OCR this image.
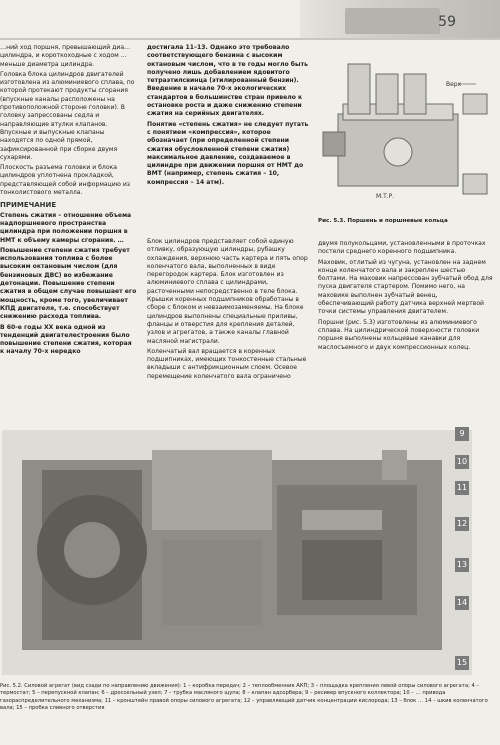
59

…ний ход поршня, превышающий диа… цилиндра, и короткоходные с ходом … меньше диаметра цилиндра.

Головка блока цилиндров двигателей изготовлена из алюминиевого сплава, по которой протекают продукты сгорания (впускные каналы расположены на противоположной стороне головки). В головку запрессованы седла и направляющие втулки клапанов. Впускные и выпускные клапаны находятся по одной прямой, зафиксированной при сборке двумя сухарями.

Плоскость разъема головки и блока цилиндров уплотнена прокладкой, представляющей собой информацию из тонколистового металла.

ПРИМЕЧАНИЕ

Степень сжатия – отношение объема надпоршневого пространства цилиндра при положении поршня в НМТ к объему камеры сгорания. …

Повышение степени сжатия требует использования топлива с более высоким октановым числом (для бензиновых ДВС) во избежание детонации. Повышение степени сжатия в общем случае повышает его мощность, кроме того, увеличивает КПД двигателя, т.е. способствует снижению расхода топлива.

В 60-е годы XX века одной из тенденций двигателестроения было повышение степени сжатия, которая к началу 70-х нередко

достигала 11–13. Однако это требовало соответствующего бензина с высоким октановым числом, что в те годы могло быть получено лишь добавлением ядовитого тетраэтилсвинца (этилированный бензин). Введение в начале 70-х экологических стандартов в большинстве стран привело к остановке роста и даже снижению степени сжатия на серийных двигателях.

Понятие «степень сжатия» не следует путать с понятием «компрессия», которое обозначает (при определенной степени сжатия обусловленной степени сжатия) максимальное давление, создаваемое в цилиндре при движении поршня от НМТ до ВМТ (например, степень сжатия – 10, компрессия – 14 атм).

Блок цилиндров представляет собой единую отливку, образующую цилиндры, рубашку охлаждения, верхнюю часть картера и пять опор коленчатого вала, выполненных в виде перегородок картера. Блок изготовлен из алюминиевого сплава с цилиндрами, расточенными непосредственно в теле блока. Крышки коренных подшипников обработаны в сборе с блоком и невзаимозаменяемы. На блоке цилиндров выполнены специальные приливы, фланцы и отверстия для крепления деталей, узлов и агрегатов, а также каналы главной масляной магистрали.

Коленчатый вал вращается в коренных подшипниках, имеющих тонкостенные стальные вкладыши с антифрикционным слоем. Осевое перемещение коленчатого вала ограничено

Верх
М.Т.Р.
Рис. 5.3. Поршень и поршневые кольца

двумя полукольцами, установленными в проточках постели среднего коренного подшипника.

Маховик, отлитый из чугуна, установлен на заднем конце коленчатого вала и закреплен шестью болтами. На маховик напрессован зубчатый обод для пуска двигателя стартером. Помимо него, на маховике выполнен зубчатый венец, обеспечивающий работу датчика верхней мертвой точки системы управления двигателем.

Поршни (рис. 5.3) изготовлены из алюминиевого сплава. На цилиндрической поверхности головки поршня выполнены кольцевые канавки для маслосъемного и двух компрессионных колец.

9
10
11
12
13
14
15
Рис. 5.2. Силовой агрегат (вид сзади по направлению движения): 1 – коробка передач; 2 – теплообменник АКП; 3 – площадка крепления левой опоры силового агрегата; 4 – термостат; 5 – перепускной клапан; 6 – дроссельный узел; 7 – трубка масляного щупа; 8 – клапан адсорбера; 9 – ресивер впускного коллектора; 10 – … привода газораспределительного механизма; 11 – кронштейн правой опоры силового агрегата; 12 – управляющий датчик концентрации кислорода; 13 – блок … 14 – шкив коленчатого вала; 15 – пробка сливного отверстия
